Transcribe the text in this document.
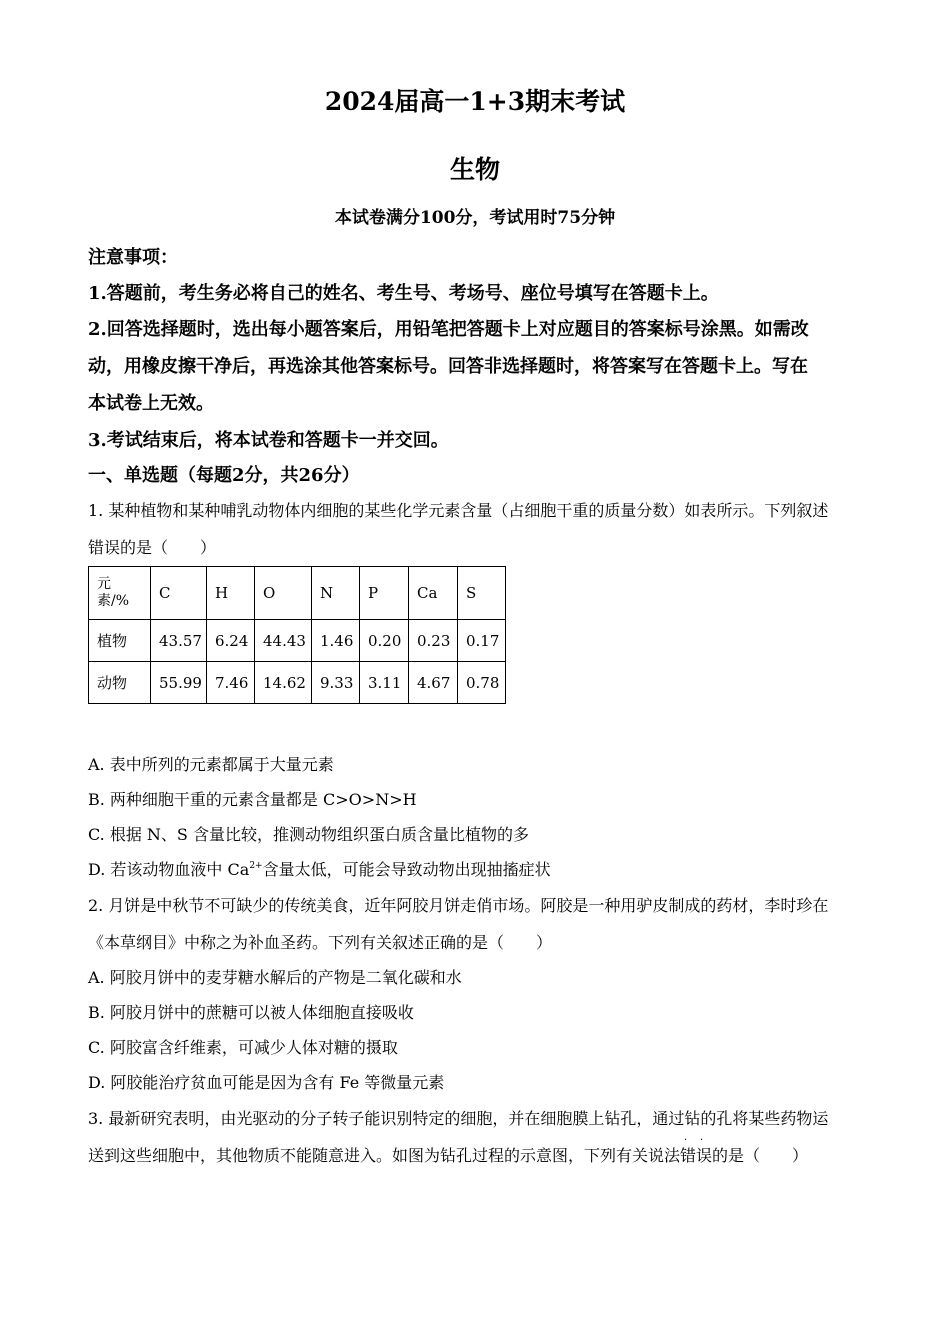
2024届高一1+3期末考试
生物
本试卷满分100分，考试用时75分钟
注意事项：
1.答题前，考生务必将自己的姓名、考生号、考场号、座位号填写在答题卡上。
2.回答选择题时，选出每小题答案后，用铅笔把答题卡上对应题目的答案标号涂黑。如需改
动，用橡皮擦干净后，再选涂其他答案标号。回答非选择题时，将答案写在答题卡上。写在
本试卷上无效。
3.考试结束后，将本试卷和答题卡一并交回。
一、单选题（每题2分，共26分）
1. 某种植物和某种哺乳动物体内细胞的某些化学元素含量（占细胞干重的质量分数）如表所示。下列叙述
错误的是（　　）
元
素/%	C	H	O	N	P	Ca	S
植物	43.57	6.24	44.43	1.46	0.20	0.23	0.17
动物	55.99	7.46	14.62	9.33	3.11	4.67	0.78
A. 表中所列的元素都属于大量元素
B. 两种细胞干重的元素含量都是 C>O>N>H
C. 根据 N、S 含量比较，推测动物组织蛋白质含量比植物的多
D. 若该动物血液中 $Ca^{2+}$含量太低，可能会导致动物出现抽搐症状
2. 月饼是中秋节不可缺少的传统美食，近年阿胶月饼走俏市场。阿胶是一种用驴皮制成的药材，李时珍在
《本草纲目》中称之为补血圣药。下列有关叙述正确的是（　　）
A. 阿胶月饼中的麦芽糖水解后的产物是二氧化碳和水
B. 阿胶月饼中的蔗糖可以被人体细胞直接吸收
C. 阿胶富含纤维素，可减少人体对糖的摄取
D. 阿胶能治疗贫血可能是因为含有 Fe 等微量元素
3. 最新研究表明，由光驱动的分子转子能识别特定的细胞，并在细胞膜上钻孔，通过钻的孔将某些药物运
送到这些细胞中，其他物质不能随意进入。如图为钻孔过程的示意图，下列有关说法
· ·
错误的是（　　）
